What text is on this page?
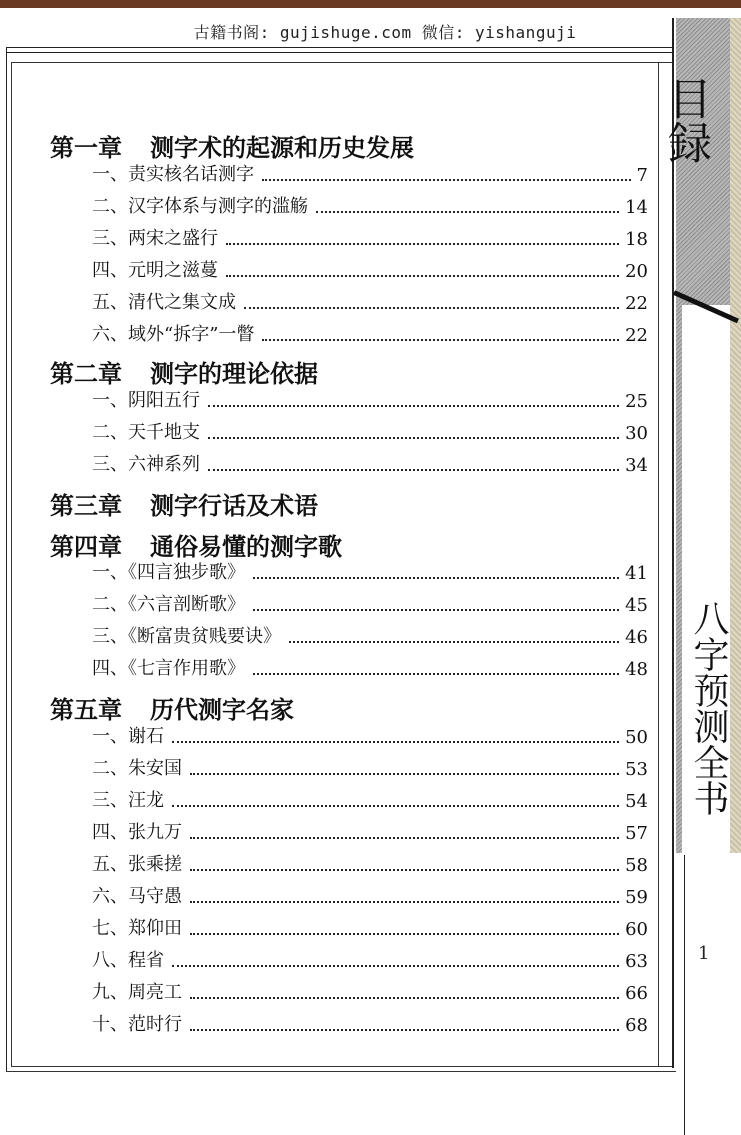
古籍书阁: gujishuge.com 微信: yishanguji
目録
八字预测全书
1
第一章 测字术的起源和历史发展
一、责实核名话测字	7
二、汉字体系与测字的滥觞	14
三、两宋之盛行	18
四、元明之滋蔓	20
五、清代之集文成	22
六、域外“拆字”一瞥	22
第二章 测字的理论依据
一、阴阳五行	25
二、天千地支	30
三、六神系列	34
第三章 测字行话及术语
第四章 通俗易懂的测字歌
一、《四言独步歌》	41
二、《六言剖断歌》	45
三、《断富贵贫贱要诀》	46
四、《七言作用歌》	48
第五章 历代测字名家
一、谢石	50
二、朱安国	53
三、汪龙	54
四、张九万	57
五、张乘搓	58
六、马守愚	59
七、郑仰田	60
八、程省	63
九、周亮工	66
十、范时行	68
